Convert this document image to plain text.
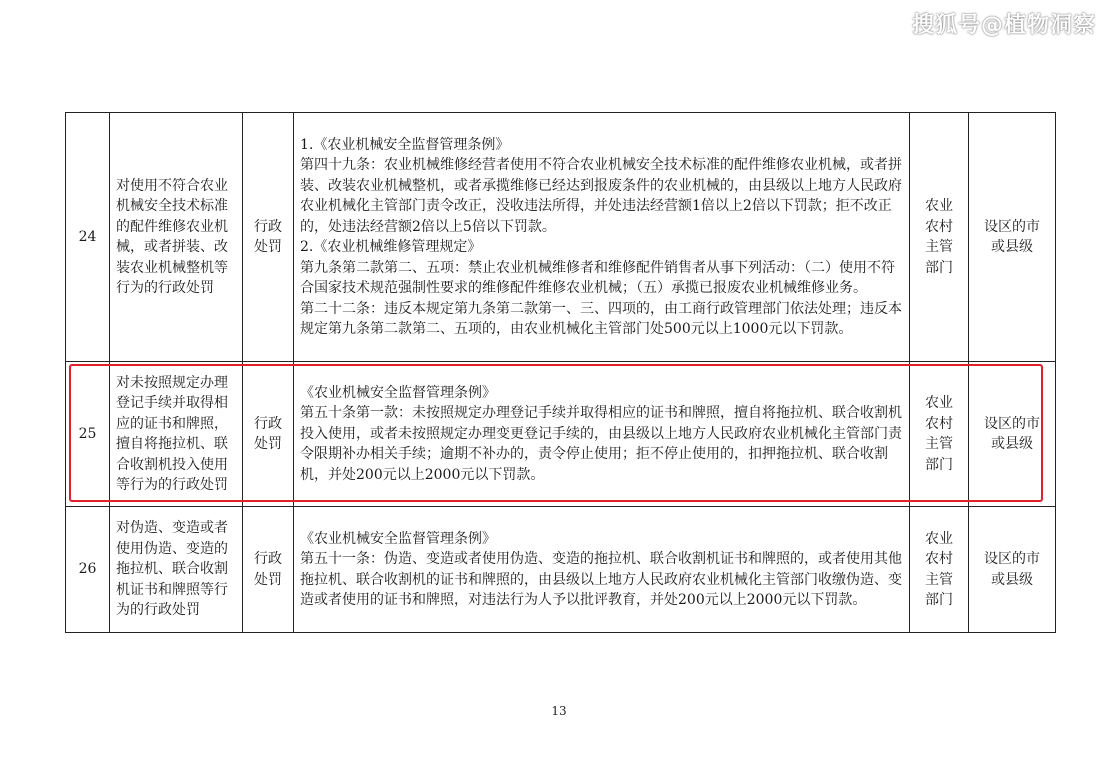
搜狐号@植物洞察
24	对使用不符合农业机械安全技术标准的配件维修农业机械，或者拼装、改装农业机械整机等行为的行政处罚	行政处罚	1.《农业机械安全监督管理条例》

第四十九条：农业机械维修经营者使用不符合农业机械安全技术标准的配件维修农业机械，或者拼装、改装农业机械整机，或者承揽维修已经达到报废条件的农业机械的，由县级以上地方人民政府农业机械化主管部门责令改正，没收违法所得，并处违法经营额1倍以上2倍以下罚款；拒不改正的，处违法经营额2倍以上5倍以下罚款。

2.《农业机械维修管理规定》

第九条第二款第二、五项：禁止农业机械维修者和维修配件销售者从事下列活动：（二）使用不符合国家技术规范强制性要求的维修配件维修农业机械；（五）承揽已报废农业机械维修业务。

第二十二条：违反本规定第九条第二款第一、三、四项的，由工商行政管理部门依法处理；违反本规定第九条第二款第二、五项的，由农业机械化主管部门处500元以上1000元以下罚款。	农业农村主管部门	设区的市或县级

25	对未按照规定办理登记手续并取得相应的证书和牌照，擅自将拖拉机、联合收割机投入使用等行为的行政处罚	行政处罚	《农业机械安全监督管理条例》

第五十条第一款：未按照规定办理登记手续并取得相应的证书和牌照，擅自将拖拉机、联合收割机投入使用，或者未按照规定办理变更登记手续的，由县级以上地方人民政府农业机械化主管部门责令限期补办相关手续；逾期不补办的，责令停止使用；拒不停止使用的，扣押拖拉机、联合收割机，并处200元以上2000元以下罚款。	农业农村主管部门	设区的市或县级

26	对伪造、变造或者使用伪造、变造的拖拉机、联合收割机证书和牌照等行为的行政处罚	行政处罚	《农业机械安全监督管理条例》

第五十一条：伪造、变造或者使用伪造、变造的拖拉机、联合收割机证书和牌照的，或者使用其他拖拉机、联合收割机的证书和牌照的，由县级以上地方人民政府农业机械化主管部门收缴伪造、变造或者使用的证书和牌照，对违法行为人予以批评教育，并处200元以上2000元以下罚款。	农业农村主管部门	设区的市或县级
13
